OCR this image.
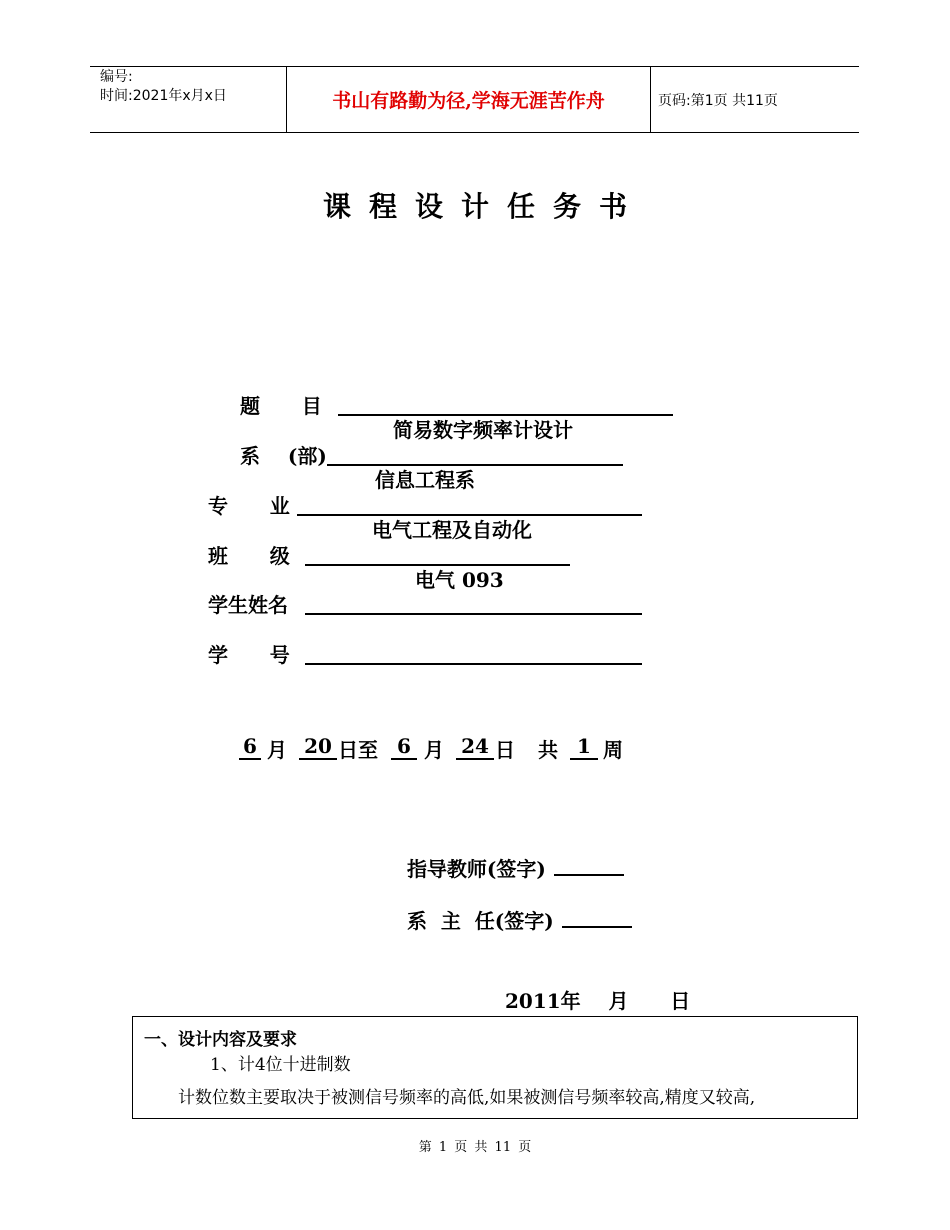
编号:
时间:2021年x月x日	书山有路勤为径,学海无涯苦作舟	页码:第1页 共11页
课程设计任务书
题      目

简易数字频率计设计

系    (部)

信息工程系

专      业

电气工程及自动化

班      级

电气 093

学生姓名
学      号
6 月 20 日至 6 月 24 日 共 1 周

指导教师(签字)

系  主  任(签字)

2011年    月      日
一、设计内容及要求
1、计4位十进制数
计数位数主要取决于被测信号频率的高低,如果被测信号频率较高,精度又较高,
第 1 页 共 11 页
